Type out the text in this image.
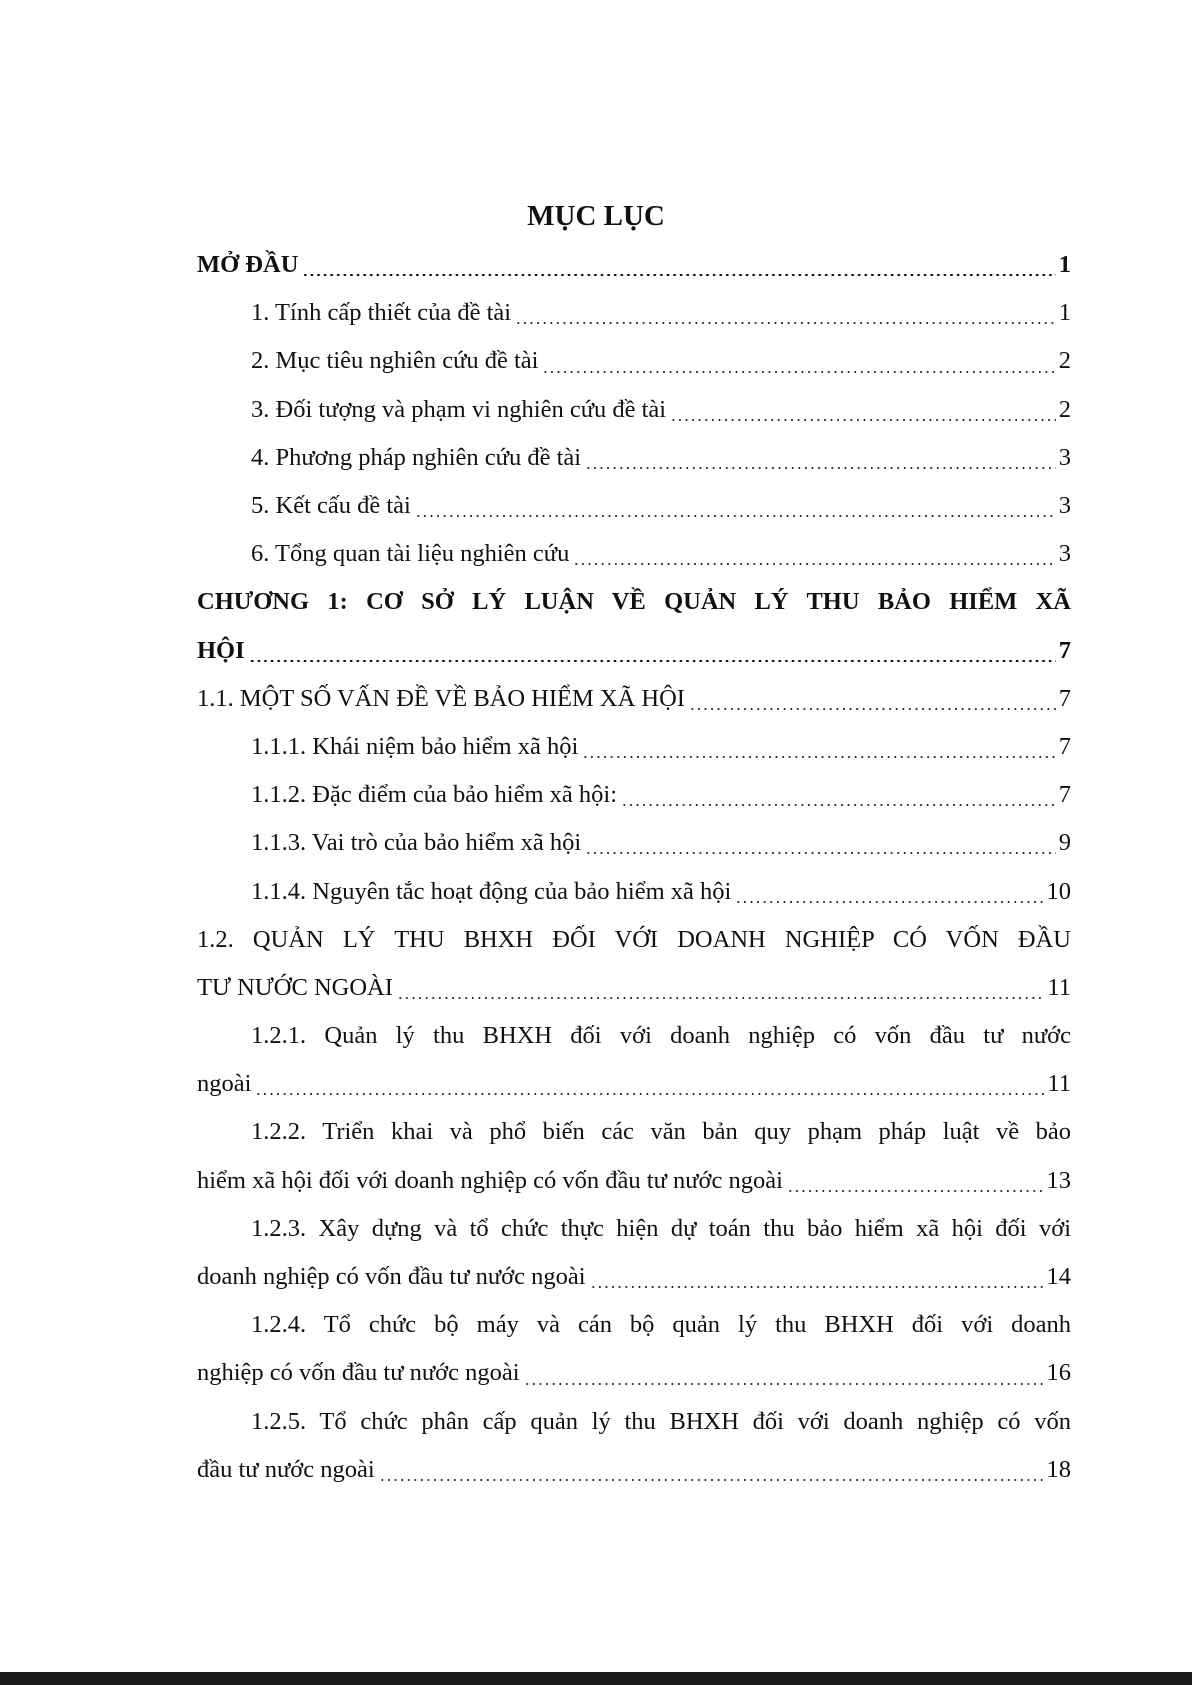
MỤC LỤC
MỞ ĐẦU	1
1. Tính cấp thiết của đề tài	1
2. Mục tiêu nghiên cứu đề tài	2
3. Đối tượng và phạm vi nghiên cứu đề tài	2
4. Phương pháp nghiên cứu đề tài	3
5. Kết cấu đề tài	3
6. Tổng quan tài liệu nghiên cứu	3
CHƯƠNG 1: CƠ SỞ LÝ LUẬN VỀ QUẢN LÝ THU BẢO HIỂM XÃ
HỘI	7
1.1. MỘT SỐ VẤN ĐỀ VỀ BẢO HIỂM XÃ HỘI	7
1.1.1. Khái niệm bảo hiểm xã hội	7
1.1.2. Đặc điểm của bảo hiểm xã hội:	7
1.1.3. Vai trò của bảo hiểm xã hội	9
1.1.4. Nguyên tắc hoạt động của bảo hiểm xã hội	10
1.2. QUẢN LÝ THU BHXH ĐỐI VỚI DOANH NGHIỆP CÓ VỐN ĐẦU
TƯ NƯỚC NGOÀI	11
1.2.1. Quản lý thu BHXH đối với doanh nghiệp có vốn đầu tư nước
ngoài	11
1.2.2. Triển khai và phổ biến các văn bản quy phạm pháp luật về bảo
hiểm xã hội đối với doanh nghiệp có vốn đầu tư nước ngoài	13
1.2.3. Xây dựng và tổ chức thực hiện dự toán thu bảo hiểm xã hội đối với
doanh nghiệp có vốn đầu tư nước ngoài	14
1.2.4. Tổ chức bộ máy và cán bộ quản lý thu BHXH đối với doanh
nghiệp có vốn đầu tư nước ngoài	16
1.2.5. Tổ chức phân cấp quản lý thu BHXH đối với doanh nghiệp có vốn
đầu tư nước ngoài	18
